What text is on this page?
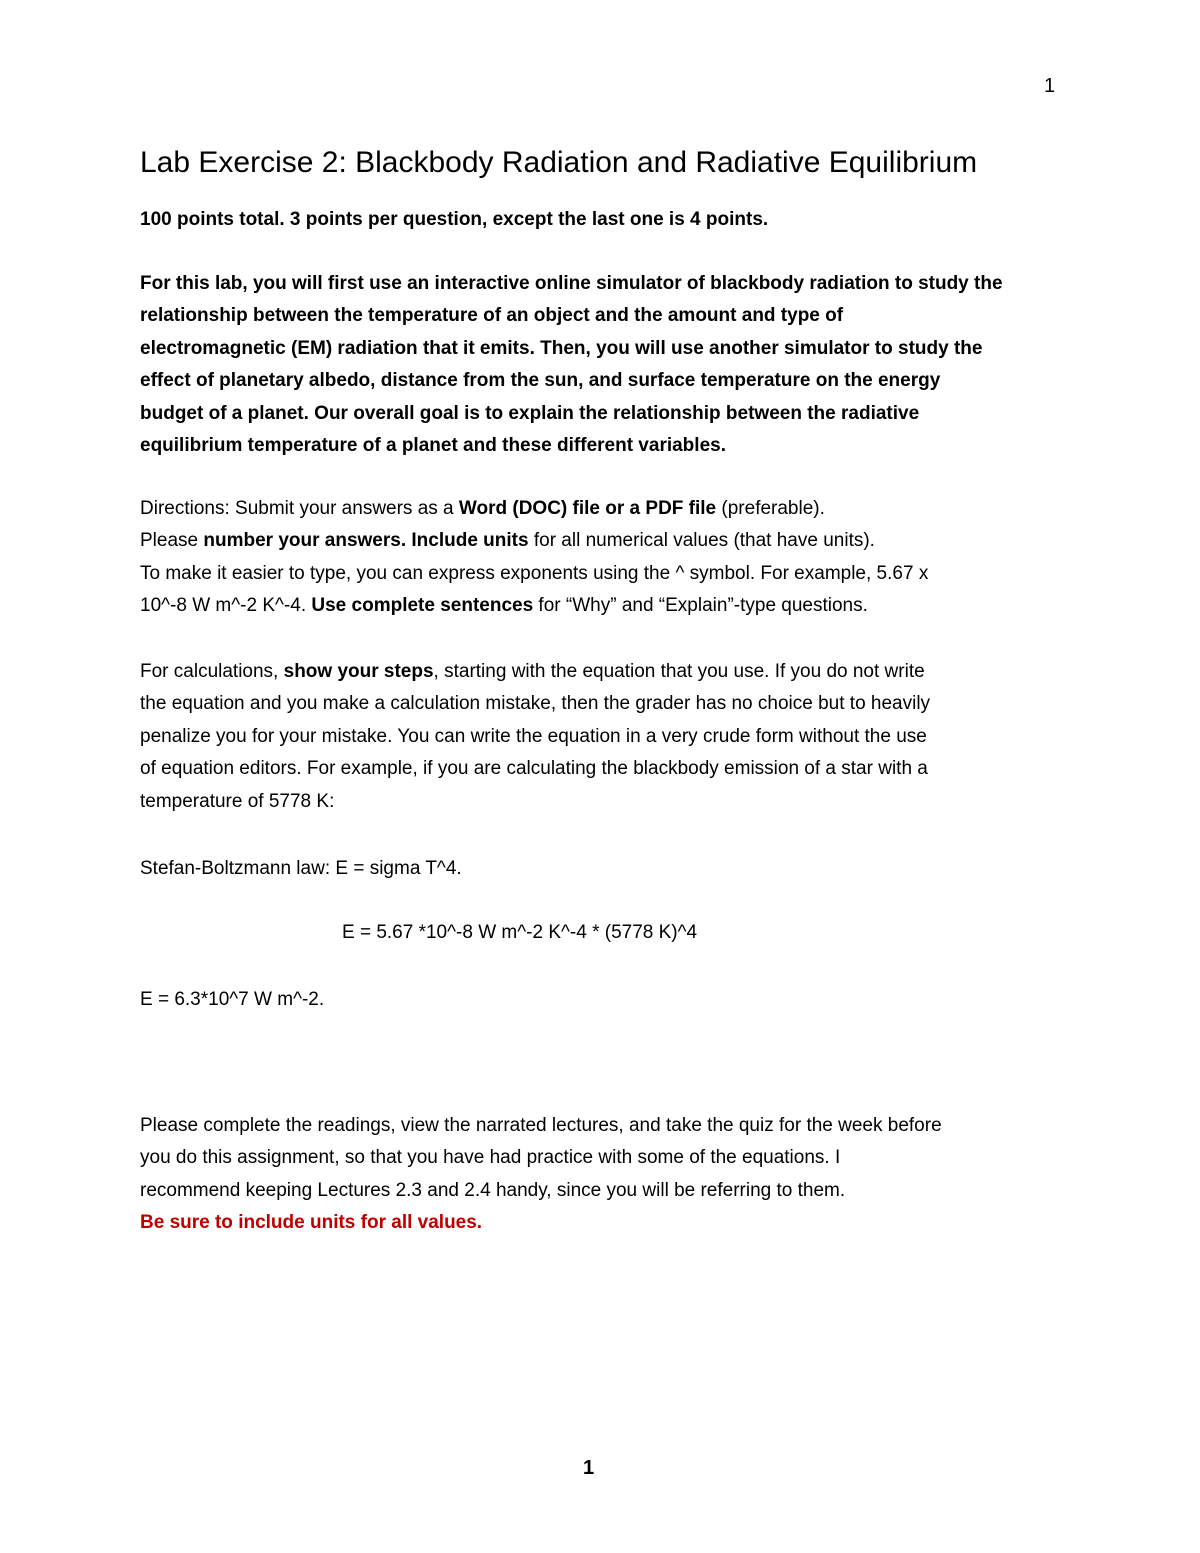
1
Lab Exercise 2: Blackbody Radiation and Radiative Equilibrium

100 points total. 3 points per question, except the last one is 4 points.

For this lab, you will first use an interactive online simulator of blackbody radiation to study the
relationship between the temperature of an object and the amount and type of
electromagnetic (EM) radiation that it emits. Then, you will use another simulator to study the
effect of planetary albedo, distance from the sun, and surface temperature on the energy
budget of a planet. Our overall goal is to explain the relationship between the radiative
equilibrium temperature of a planet and these different variables.
Directions: Submit your answers as a Word (DOC) file or a PDF file (preferable).
Please number your answers. Include units for all numerical values (that have units).
To make it easier to type, you can express exponents using the ^ symbol. For example, 5.67 x
10^-8 W m^-2 K^-4. Use complete sentences for “Why” and “Explain”-type questions.
For calculations, show your steps, starting with the equation that you use. If you do not write
the equation and you make a calculation mistake, then the grader has no choice but to heavily
penalize you for your mistake. You can write the equation in a very crude form without the use
of equation editors. For example, if you are calculating the blackbody emission of a star with a
temperature of 5778 K:

Stefan-Boltzmann law: E = sigma T^4.

E = 5.67 *10^-8 W m^-2 K^-4 * (5778 K)^4

E = 6.3*10^7 W m^-2.

Please complete the readings, view the narrated lectures, and take the quiz for the week before
you do this assignment, so that you have had practice with some of the equations. I
recommend keeping Lectures 2.3 and 2.4 handy, since you will be referring to them.
Be sure to include units for all values.
1
